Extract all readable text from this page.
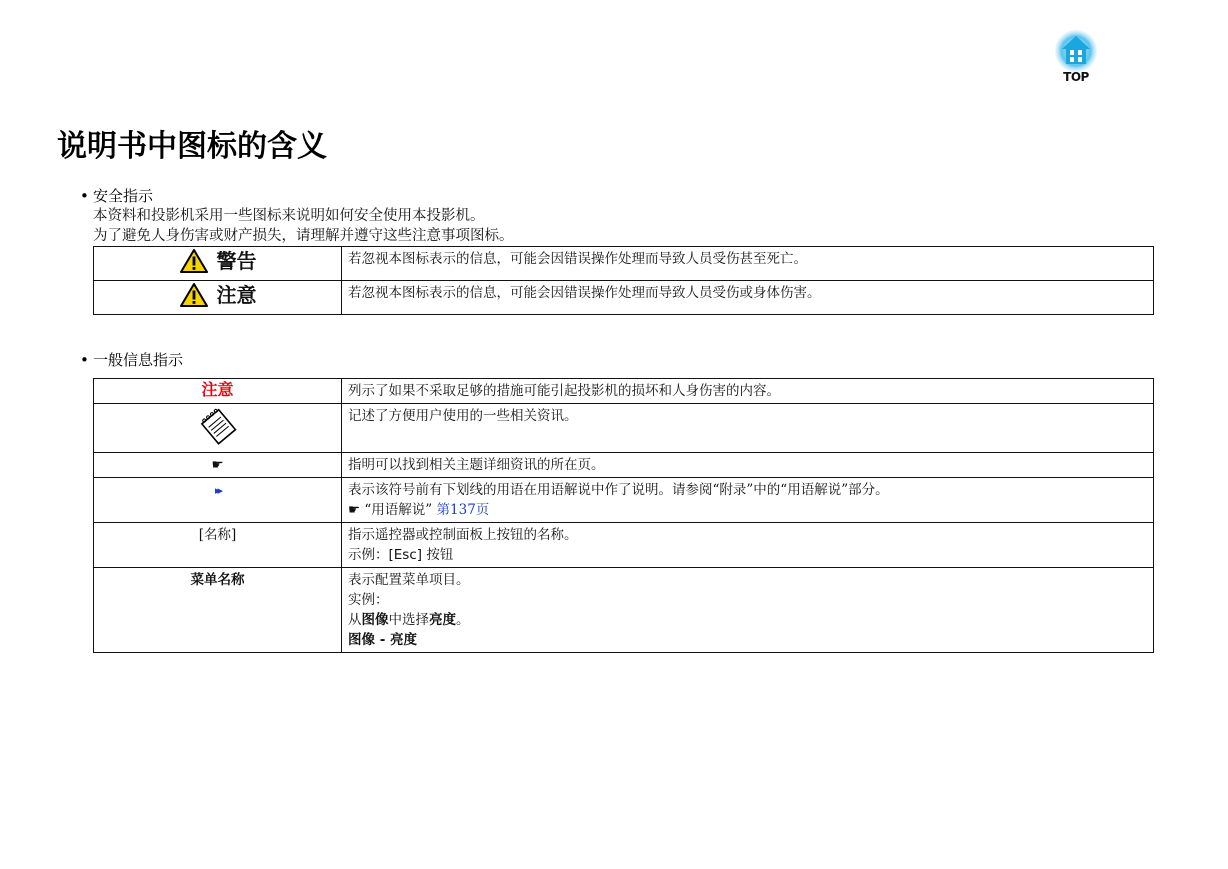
TOP
说明书中图标的含义
• 安全指示
本资料和投影机采用一些图标来说明如何安全使用本投影机。
为了避免人身伤害或财产损失，请理解并遵守这些注意事项图标。
警告	若忽视本图标表示的信息，可能会因错误操作处理而导致人员受伤甚至死亡。

注意	若忽视本图标表示的信息，可能会因错误操作处理而导致人员受伤或身体伤害。
• 一般信息指示
注意	列示了如果不采取足够的措施可能引起投影机的损坏和人身伤害的内容。
	记述了方便用户使用的一些相关资讯。
☛	指明可以找到相关主题详细资讯的所在页。
▸▸	表示该符号前有下划线的用语在用语解说中作了说明。请参阅“附录”中的“用语解说”部分。
☛ “用语解说” 第137页

[名称]	指示遥控器或控制面板上按钮的名称。
示例：[Esc] 按钮

菜单名称	表示配置菜单项目。
实例：
从图像中选择亮度。
图像 - 亮度
